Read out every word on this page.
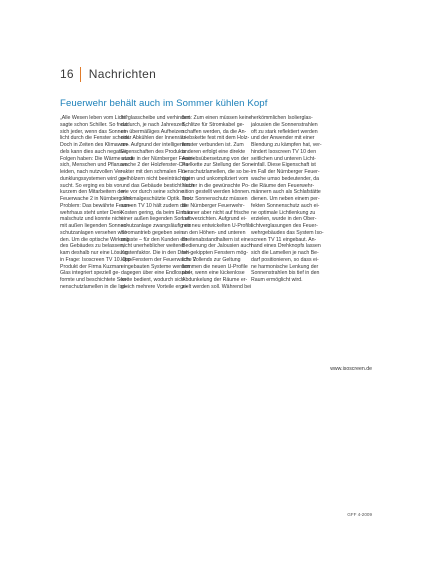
16 Nachrichten
Feuerwehr behält auch im Sommer kühlen Kopf
„Alle Wesen leben vom Licht“
sagte schon Schiller. So freut
sich jeder, wenn das Sonnen-
licht durch die Fenster scheint.
Doch in Zeiten des Klimawan-
dels kann dies auch negative
Folgen haben: Die Wärme staut
sich, Menschen und Pflanzen
leiden, nach nutzvollen Ver-
dunklungssystemen wird ge-
sucht. So erging es bis vor
kurzem den Mitarbeitern der
Feuerwache 2 in Nürnberg. Ihr
Problem: Das bewährte Feuer-
wehrhaus steht unter Denk-
malschutz und konnte nicht
mit außen liegenden Sonnen-
schutzanlagen versehen wer-
den. Um die optische Wirkung
des Gebäudes zu belassen,
kam deshalb nur eine Lösung
in Frage: Isoscreen TV 10. Das
Produkt der Firma Kuzman
Glas integriert speziell ge-
formte und beschichtete Son-
nenschutzlamellen in die Iso-
lierglasscheibe und verhindert
dadurch, je nach Jahreszeit,
ein übermäßiges Aufheizen
oder Abkühlen der Innenräu-
me. Aufgrund der intelligenten
Eigenschaften des Produkts
wurde in der Nürnberger Feuer-
wache 2 der Holzfenster-Cha-
rakter mit den schmalen Flü-
gelhölzern nicht beeinträchtigt
und das Gebäude besticht nach
wie vor durch seine schöne
denkmalgeschützte Optik. Iso-
screen TV 10 hält zudem die
Kosten gering, da beim Einbau
einer außen liegenden Sonnen-
schutzanlage zwangsläufig ein
Stromantrieb gegeben sein
müsste – für den Kunden ein
nicht unerheblicher weiterer
Kostenfaktor. Die in den Dreh-
kipp-Fenstern der Feuerwache 2
eingebauten Systeme werden
dagegen über eine Endlosperl-
kette bedient, wodurch sich
gleich mehrere Vorteile erge-
ben: Zum einen müssen keine
Schlitze für Stromkabel ge-
schaffen werden, da die An-
triebskette fest mit dem Holz-
fenster verbunden ist. Zum
anderen erfolgt eine direkte
Antriebsübersetzung von der
Perlkette zur Stellung der Son-
nenschutzlamellen, die so be-
quem und unkompliziert vom
Nutzer in die gewünschte Po-
sition gestellt werden können.
Trotz Sonnenschutz müssen
die Nürnberger Feuerwehr-
männer aber nicht auf frische
Luft verzichten. Aufgrund ei-
nes neu entwickelten U-Profils
an den Höhen- und unteren
Breitenabstandhaltern ist eine
Bedienung der Jalousien auch
bei gekippten Fenstern mög-
lich. Vollends zur Geltung
kommen die neuen U-Profile
aber, wenn eine lückenlose
Abdunkelung der Räume er-
zielt werden soll. Während bei
herkömmlichen Isolierglas-
jalousien die Sonnenstrahlen
oft zu stark reflektiert werden
und der Anwender mit einer
Blendung zu kämpfen hat, ver-
hindert Isoscreen TV 10 den
seitlichen und unteren Licht-
einfall. Diese Eigenschaft ist
im Fall der Nürnberger Feuer-
wache umso bedeutender, da
die Räume den Feuerwehr-
männern auch als Schlafstätte
dienen. Um neben einem per-
fekten Sonnenschutz auch ei-
ne optimale Lichtlenkung zu
erzielen, wurde in den Ober-
lichtverglasungen des Feuer-
wehrgebäudes das System Iso-
screen TV 11 eingebaut. An-
hand eines Drehknopfs lassen
sich die Lamellen je nach Be-
darf positionieren, so dass ei-
ne harmonische Lenkung der
Sonnenstrahlen bis tief in den
Raum ermöglicht wird.
www.isoscreen.de
GFF 4-2009
